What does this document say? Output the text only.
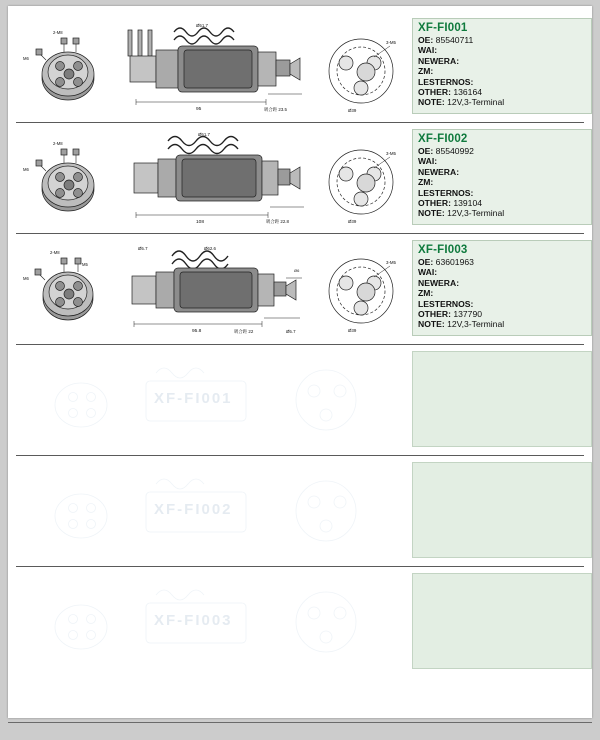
2-M8
M6
Ø51.7
95	吸合距 23.5
3-M5
Ø39
XF-FI001
OE: 85540711
WAI:
NEWERA:
ZM:
LESTERNOS:
OTHER: 136164
NOTE: 12V,3-Terminal
2-M8
M6
Ø51.7
108	吸合距 22.8
3-M5
Ø39
XF-FI002
OE: 85540992
WAI:
NEWERA:
ZM:
LESTERNOS:
OTHER: 139104
NOTE: 12V,3-Terminal
2-M8
M5
M6
Ø5.7	Ø62.6
Ø6
95.8	吸合距 22	Ø5.7
3-M5
Ø39
XF-FI003
OE: 63601963
WAI:
NEWERA:
ZM:
LESTERNOS:
OTHER: 137790
NOTE: 12V,3-Terminal
XF-FI001
XF-FI002
XF-FI003
